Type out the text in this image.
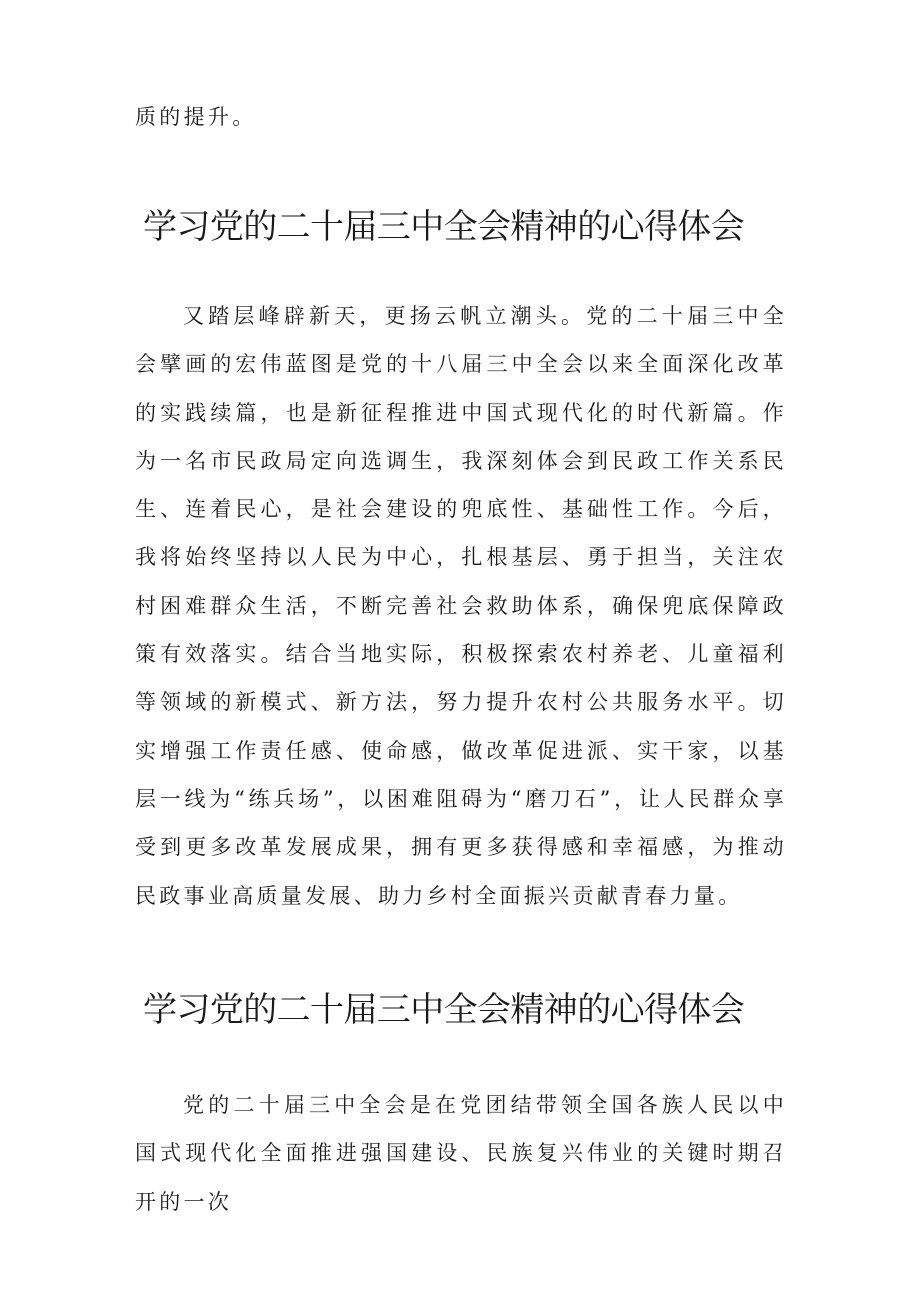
质的提升。

学习党的二十届三中全会精神的心得体会

又踏层峰辟新天，更扬云帆立潮头。党的二十届三中全会擘画的宏伟蓝图是党的十八届三中全会以来全面深化改革的实践续篇，也是新征程推进中国式现代化的时代新篇。作为一名市民政局定向选调生，我深刻体会到民政工作关系民生、连着民心，是社会建设的兜底性、基础性工作。今后，我将始终坚持以人民为中心，扎根基层、勇于担当，关注农村困难群众生活，不断完善社会救助体系，确保兜底保障政策有效落实。结合当地实际，积极探索农村养老、儿童福利等领域的新模式、新方法，努力提升农村公共服务水平。切实增强工作责任感、使命感，做改革促进派、实干家，以基层一线为“练兵场”，以困难阻碍为“磨刀石”，让人民群众享受到更多改革发展成果，拥有更多获得感和幸福感，为推动民政事业高质量发展、助力乡村全面振兴贡献青春力量。

学习党的二十届三中全会精神的心得体会

党的二十届三中全会是在党团结带领全国各族人民以中国式现代化全面推进强国建设、民族复兴伟业的关键时期召开的一次
